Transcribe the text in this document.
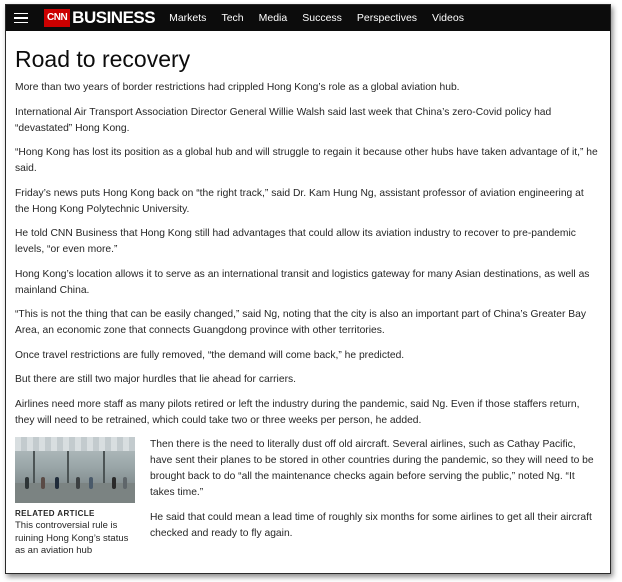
CNN BUSINESS Markets Tech Media Success Perspectives Videos
Road to recovery

More than two years of border restrictions had crippled Hong Kong’s role as a global aviation hub.

International Air Transport Association Director General Willie Walsh said last week that China’s zero-Covid policy had “devastated” Hong Kong.

“Hong Kong has lost its position as a global hub and will struggle to regain it because other hubs have taken advantage of it,” he said.

Friday’s news puts Hong Kong back on “the right track,” said Dr. Kam Hung Ng, assistant professor of aviation engineering at the Hong Kong Polytechnic University.

He told CNN Business that Hong Kong still had advantages that could allow its aviation industry to recover to pre-pandemic levels, “or even more.”

Hong Kong’s location allows it to serve as an international transit and logistics gateway for many Asian destinations, as well as mainland China.

“This is not the thing that can be easily changed,” said Ng, noting that the city is also an important part of China’s Greater Bay Area, an economic zone that connects Guangdong province with other territories.

Once travel restrictions are fully removed, “the demand will come back,” he predicted.

But there are still two major hurdles that lie ahead for carriers.

Airlines need more staff as many pilots retired or left the industry during the pandemic, said Ng. Even if those staffers return, they will need to be retrained, which could take two or three weeks per person, he added.

RELATED ARTICLE
This controversial rule is ruining Hong Kong’s status as an aviation hub

Then there is the need to literally dust off old aircraft. Several airlines, such as Cathay Pacific, have sent their planes to be stored in other countries during the pandemic, so they will need to be brought back to do “all the maintenance checks again before serving the public,” noted Ng. “It takes time.”

He said that could mean a lead time of roughly six months for some airlines to get all their aircraft checked and ready to fly again.
